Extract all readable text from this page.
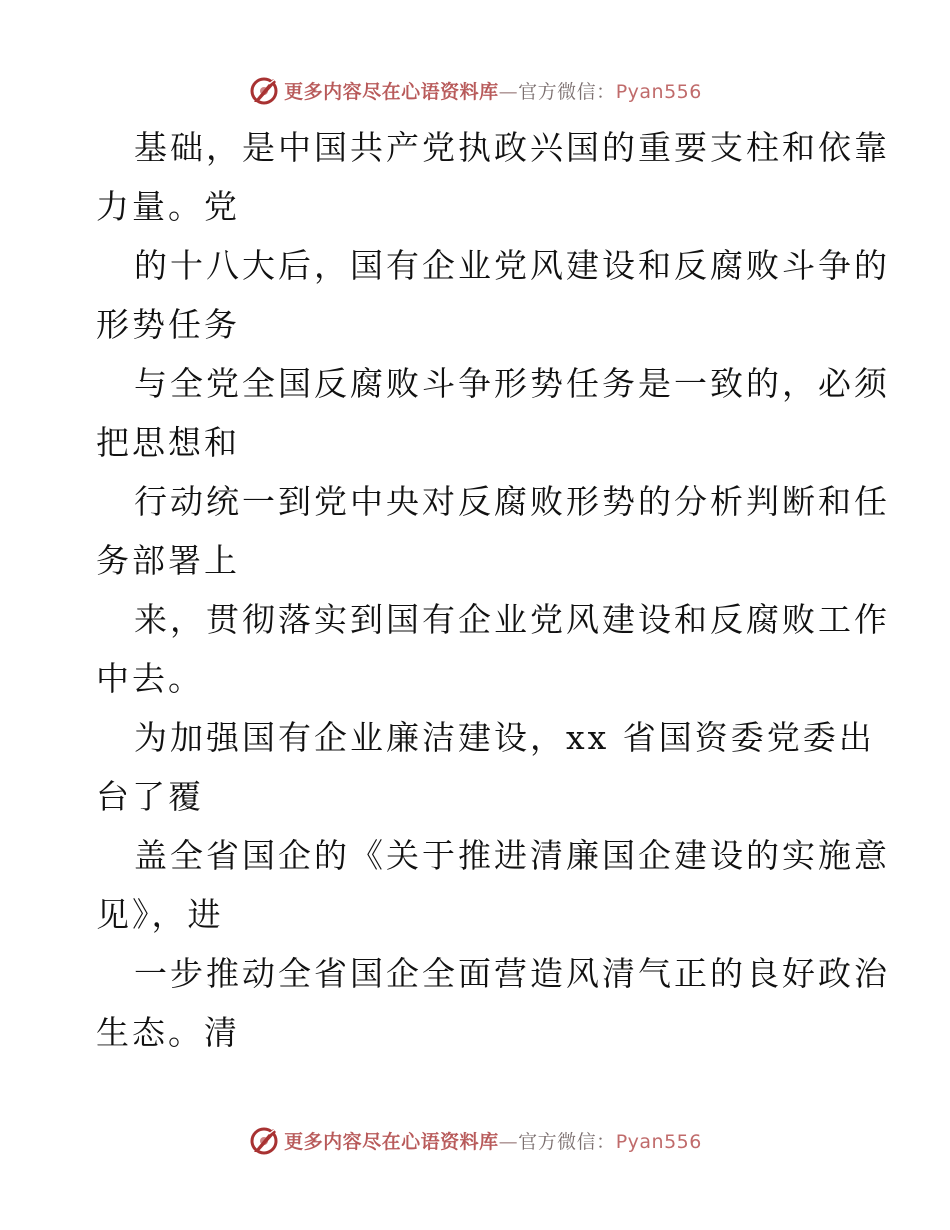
更多内容尽在心语资料库—官方微信：Pyan556
基础，是中国共产党执政兴国的重要支柱和依靠
力量。党
的十八大后，国有企业党风建设和反腐败斗争的
形势任务
与全党全国反腐败斗争形势任务是一致的，必须
把思想和
行动统一到党中央对反腐败形势的分析判断和任
务部署上
来，贯彻落实到国有企业党风建设和反腐败工作
中去。
为加强国有企业廉洁建设，xx 省国资委党委出
台了覆
盖全省国企的《关于推进清廉国企建设的实施意
见》，进
一步推动全省国企全面营造风清气正的良好政治
生态。清
更多内容尽在心语资料库—官方微信：Pyan556
